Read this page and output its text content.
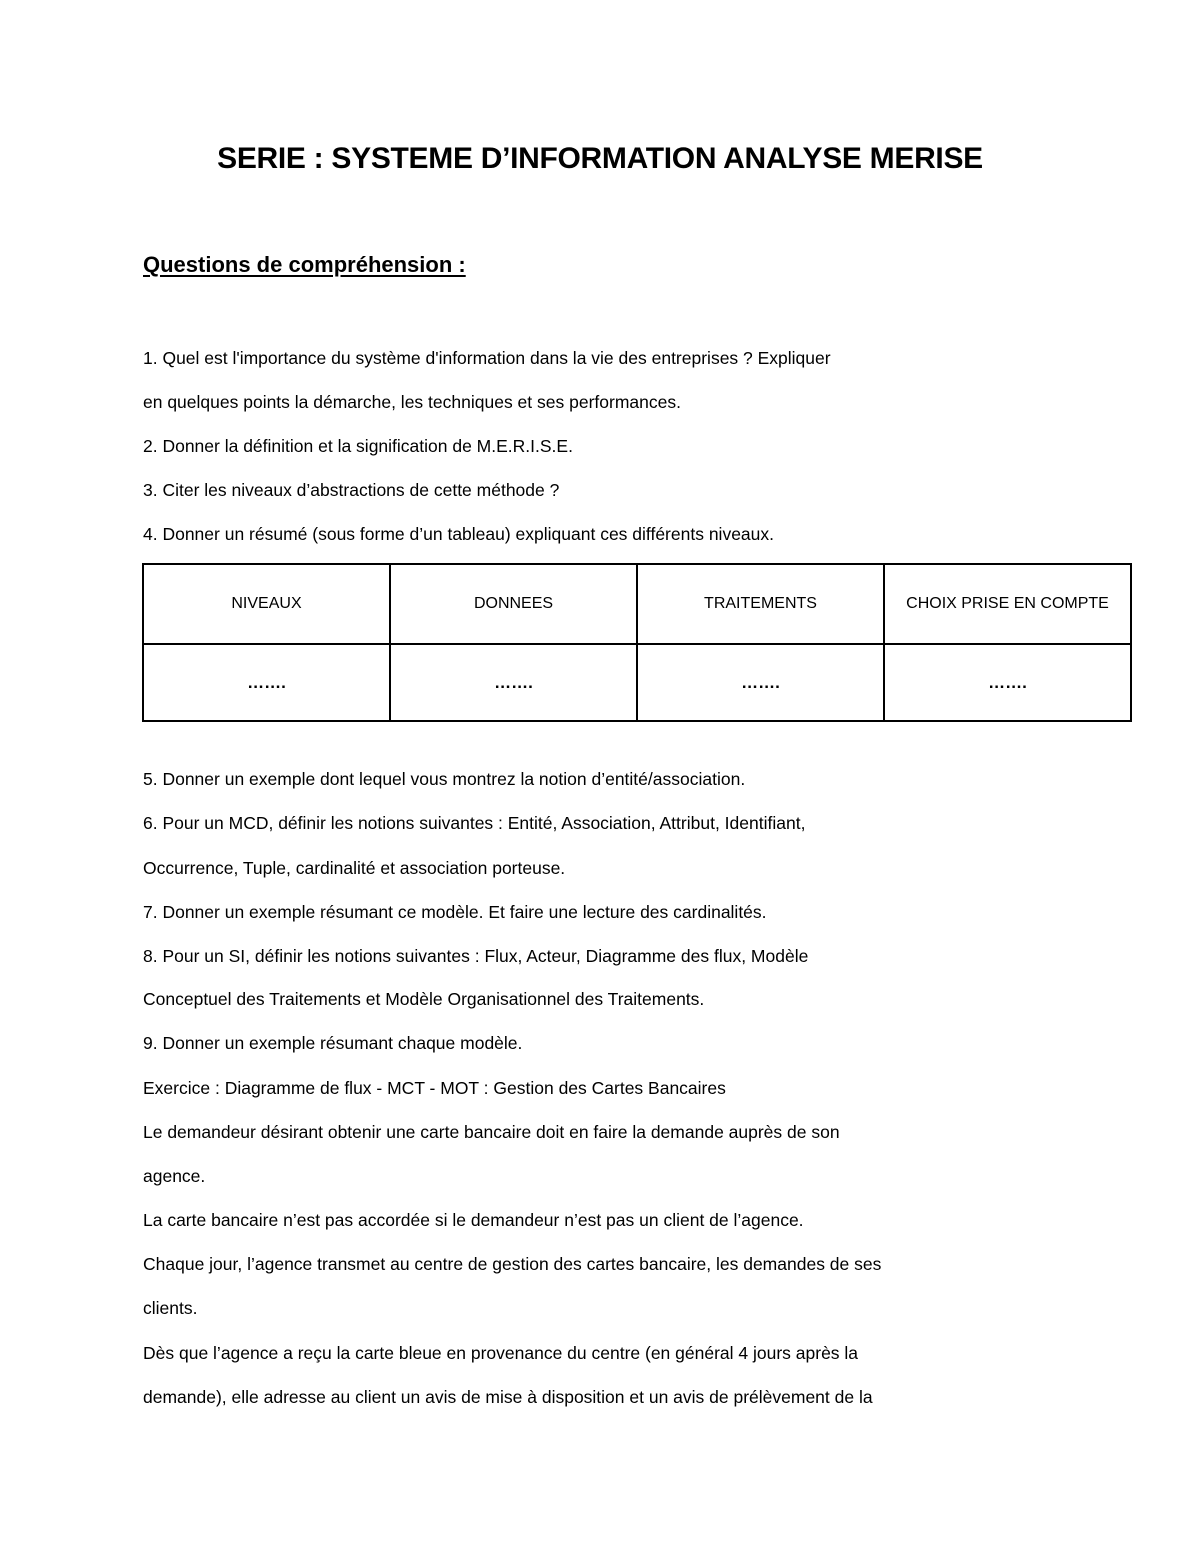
SERIE : SYSTEME D’INFORMATION ANALYSE MERISE
Questions de compréhension :
1. Quel est l'importance du système d'information dans la vie des entreprises ? Expliquer
en quelques points la démarche, les techniques et ses performances.
2. Donner la définition et la signification de M.E.R.I.S.E.
3. Citer les niveaux d’abstractions de cette méthode ?
4. Donner un résumé (sous forme d’un tableau) expliquant ces différents niveaux.
NIVEAUX	DONNEES	TRAITEMENTS	CHOIX PRISE EN COMPTE
…….	…….	…….	…….
5. Donner un exemple dont lequel vous montrez la notion d’entité/association.
6. Pour un MCD, définir les notions suivantes : Entité, Association, Attribut, Identifiant,
Occurrence, Tuple, cardinalité et association porteuse.
7. Donner un exemple résumant ce modèle. Et faire une lecture des cardinalités.
8. Pour un SI, définir les notions suivantes : Flux, Acteur, Diagramme des flux, Modèle
Conceptuel des Traitements et Modèle Organisationnel des Traitements.
9. Donner un exemple résumant chaque modèle.
Exercice : Diagramme de flux - MCT - MOT : Gestion des Cartes Bancaires
Le demandeur désirant obtenir une carte bancaire doit en faire la demande auprès de son
agence.
La carte bancaire n’est pas accordée si le demandeur n’est pas un client de l’agence.
Chaque jour, l’agence transmet au centre de gestion des cartes bancaire, les demandes de ses
clients.
Dès que l’agence a reçu la carte bleue en provenance du centre (en général 4 jours après la
demande), elle adresse au client un avis de mise à disposition et un avis de prélèvement de la
